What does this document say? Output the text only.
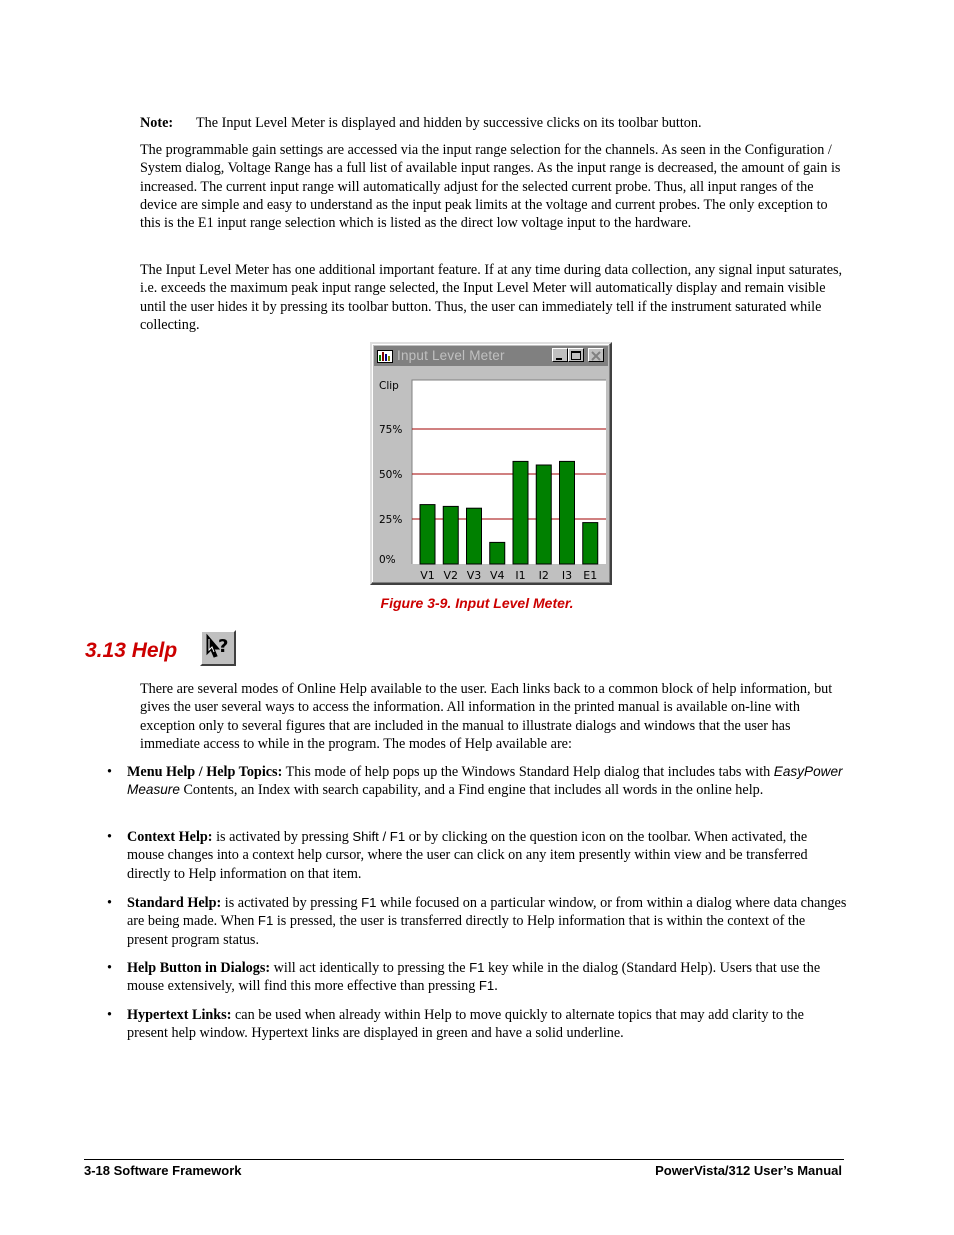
Note: The Input Level Meter is displayed and hidden by successive clicks on its toolbar button.

The programmable gain settings are accessed via the input range selection for the channels. As seen in the Configuration / System dialog, Voltage Range has a full list of available input ranges. As the input range is decreased, the amount of gain is increased. The current input range will automatically adjust for the selected current probe. Thus, all input ranges of the device are simple and easy to understand as the input peak limits at the voltage and current probes. The only exception to this is the E1 input range selection which is listed as the direct low voltage input to the hardware.

The Input Level Meter has one additional important feature. If at any time during data collection, any signal input saturates, i.e. exceeds the maximum peak input range selected, the Input Level Meter will automatically display and remain visible until the user hides it by pressing its toolbar button. Thus, the user can immediately tell if the instrument saturated while collecting.

Input Level Meter
Clip
75%
50%
25%
0%
V1 V2 V3 V4 I1 I2 I3 E1
Figure 3-9. Input Level Meter.
3.13 Help ?

There are several modes of Online Help available to the user. Each links back to a common block of help information, but gives the user several ways to access the information. All information in the printed manual is available on-line with exception only to several figures that are included in the manual to illustrate dialogs and windows that the user has immediate access to while in the program. The modes of Help available are:

• Menu Help / Help Topics: This mode of help pops up the Windows Standard Help dialog that includes tabs with EasyPower Measure Contents, an Index with search capability, and a Find engine that includes all words in the online help.

• Context Help: is activated by pressing Shift / F1 or by clicking on the question icon on the toolbar. When activated, the mouse changes into a context help cursor, where the user can click on any item presently within view and be transferred directly to Help information on that item.

• Standard Help: is activated by pressing F1 while focused on a particular window, or from within a dialog where data changes are being made. When F1 is pressed, the user is transferred directly to Help information that is within the context of the present program status.

• Help Button in Dialogs: will act identically to pressing the F1 key while in the dialog (Standard Help). Users that use the mouse extensively, will find this more effective than pressing F1.

• Hypertext Links: can be used when already within Help to move quickly to alternate topics that may add clarity to the present help window. Hypertext links are displayed in green and have a solid underline.

3-18 Software Framework	PowerVista/312 User’s Manual
